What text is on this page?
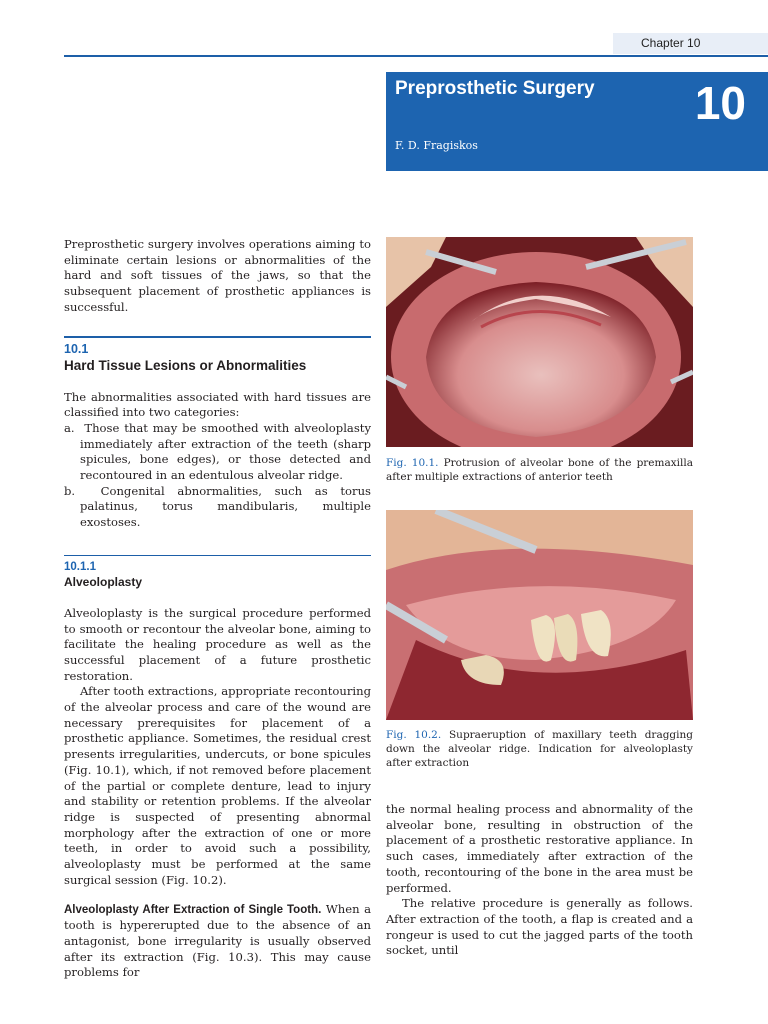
Chapter 10
Preprosthetic Surgery 10
F. D. Fragiskos

Preprosthetic surgery involves operations aiming to eliminate certain lesions or abnormalities of the hard and soft tissues of the jaws, so that the subsequent placement of prosthetic appliances is successful.

10.1
Hard Tissue Lesions or Abnormalities

The abnormalities associated with hard tissues are classified into two categories:

a.  Those that may be smoothed with alveoloplasty immediately after extraction of the teeth (sharp spicules, bone edges), or those detected and recontoured in an edentulous alveolar ridge.
b.  Congenital abnormalities, such as torus palatinus, torus mandibularis, multiple exostoses.
10.1.1
Alveoloplasty

Alveoloplasty is the surgical procedure performed to smooth or recontour the alveolar bone, aiming to facilitate the healing procedure as well as the successful placement of a future prosthetic restoration.

After tooth extractions, appropriate recontouring of the alveolar process and care of the wound are necessary prerequisites for placement of a prosthetic appliance. Sometimes, the residual crest presents irregularities, undercuts, or bone spicules (Fig. 10.1), which, if not removed before placement of the partial or complete denture, lead to injury and stability or retention problems. If the alveolar ridge is suspected of presenting abnormal morphology after the extraction of one or more teeth, in order to avoid such a possibility, alveoloplasty must be performed at the same surgical session (Fig. 10.2).

Alveoloplasty After Extraction of Single Tooth. When a tooth is hypererupted due to the absence of an antagonist, bone irregularity is usually observed after its extraction (Fig. 10.3). This may cause problems for

Fig. 10.1. Protrusion of alveolar bone of the premaxilla after multiple extractions of anterior teeth
Fig. 10.2. Supraeruption of maxillary teeth dragging down the alveolar ridge. Indication for alveoloplasty after extraction

the normal healing process and abnormality of the alveolar bone, resulting in obstruction of the placement of a prosthetic restorative appliance. In such cases, immediately after extraction of the tooth, recontouring of the bone in the area must be performed.

The relative procedure is generally as follows. After extraction of the tooth, a flap is created and a rongeur is used to cut the jagged parts of the tooth socket, until
